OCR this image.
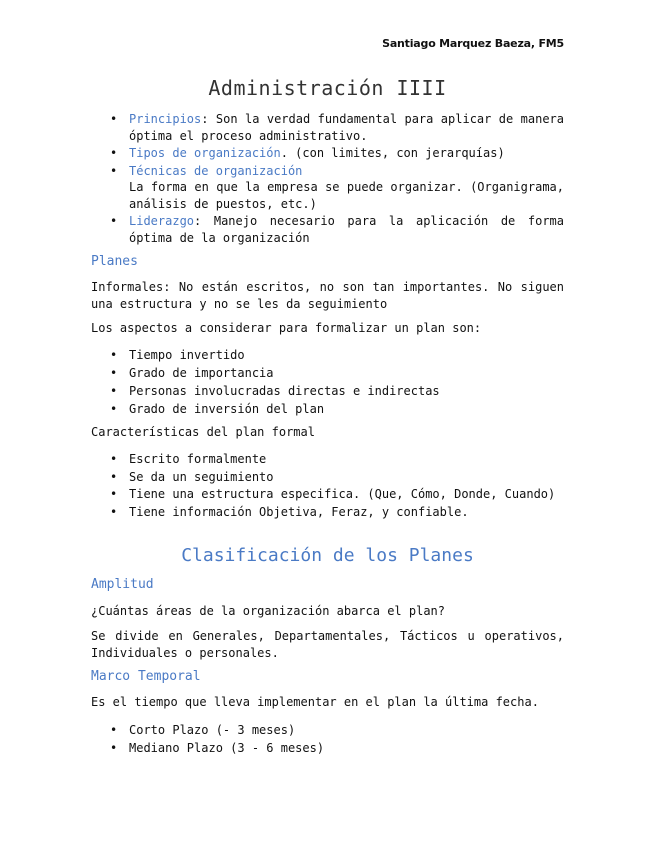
Santiago Marquez Baeza, FM5
Administración IIII
• Principios: Son la verdad fundamental para aplicar de manera óptima el proceso administrativo.
• Tipos de organización. (con limites, con jerarquías)
• Técnicas de organización
La forma en que la empresa se puede organizar. (Organigrama, análisis de puestos, etc.)
• Liderazgo: Manejo necesario para la aplicación de forma óptima de la organización
Planes
Informales: No están escritos, no son tan importantes. No siguen una estructura y no se les da seguimiento
Los aspectos a considerar para formalizar un plan son:
• Tiempo invertido
• Grado de importancia
• Personas involucradas directas e indirectas
• Grado de inversión del plan
Características del plan formal
• Escrito formalmente
• Se da un seguimiento
• Tiene una estructura especifica. (Que, Cómo, Donde, Cuando)
• Tiene información Objetiva, Feraz, y confiable.
Clasificación de los Planes
Amplitud
¿Cuántas áreas de la organización abarca el plan?
Se divide en Generales, Departamentales, Tácticos u operativos, Individuales o personales.
Marco Temporal
Es el tiempo que lleva implementar en el plan la última fecha.
• Corto Plazo (- 3 meses)
• Mediano Plazo (3 - 6 meses)
